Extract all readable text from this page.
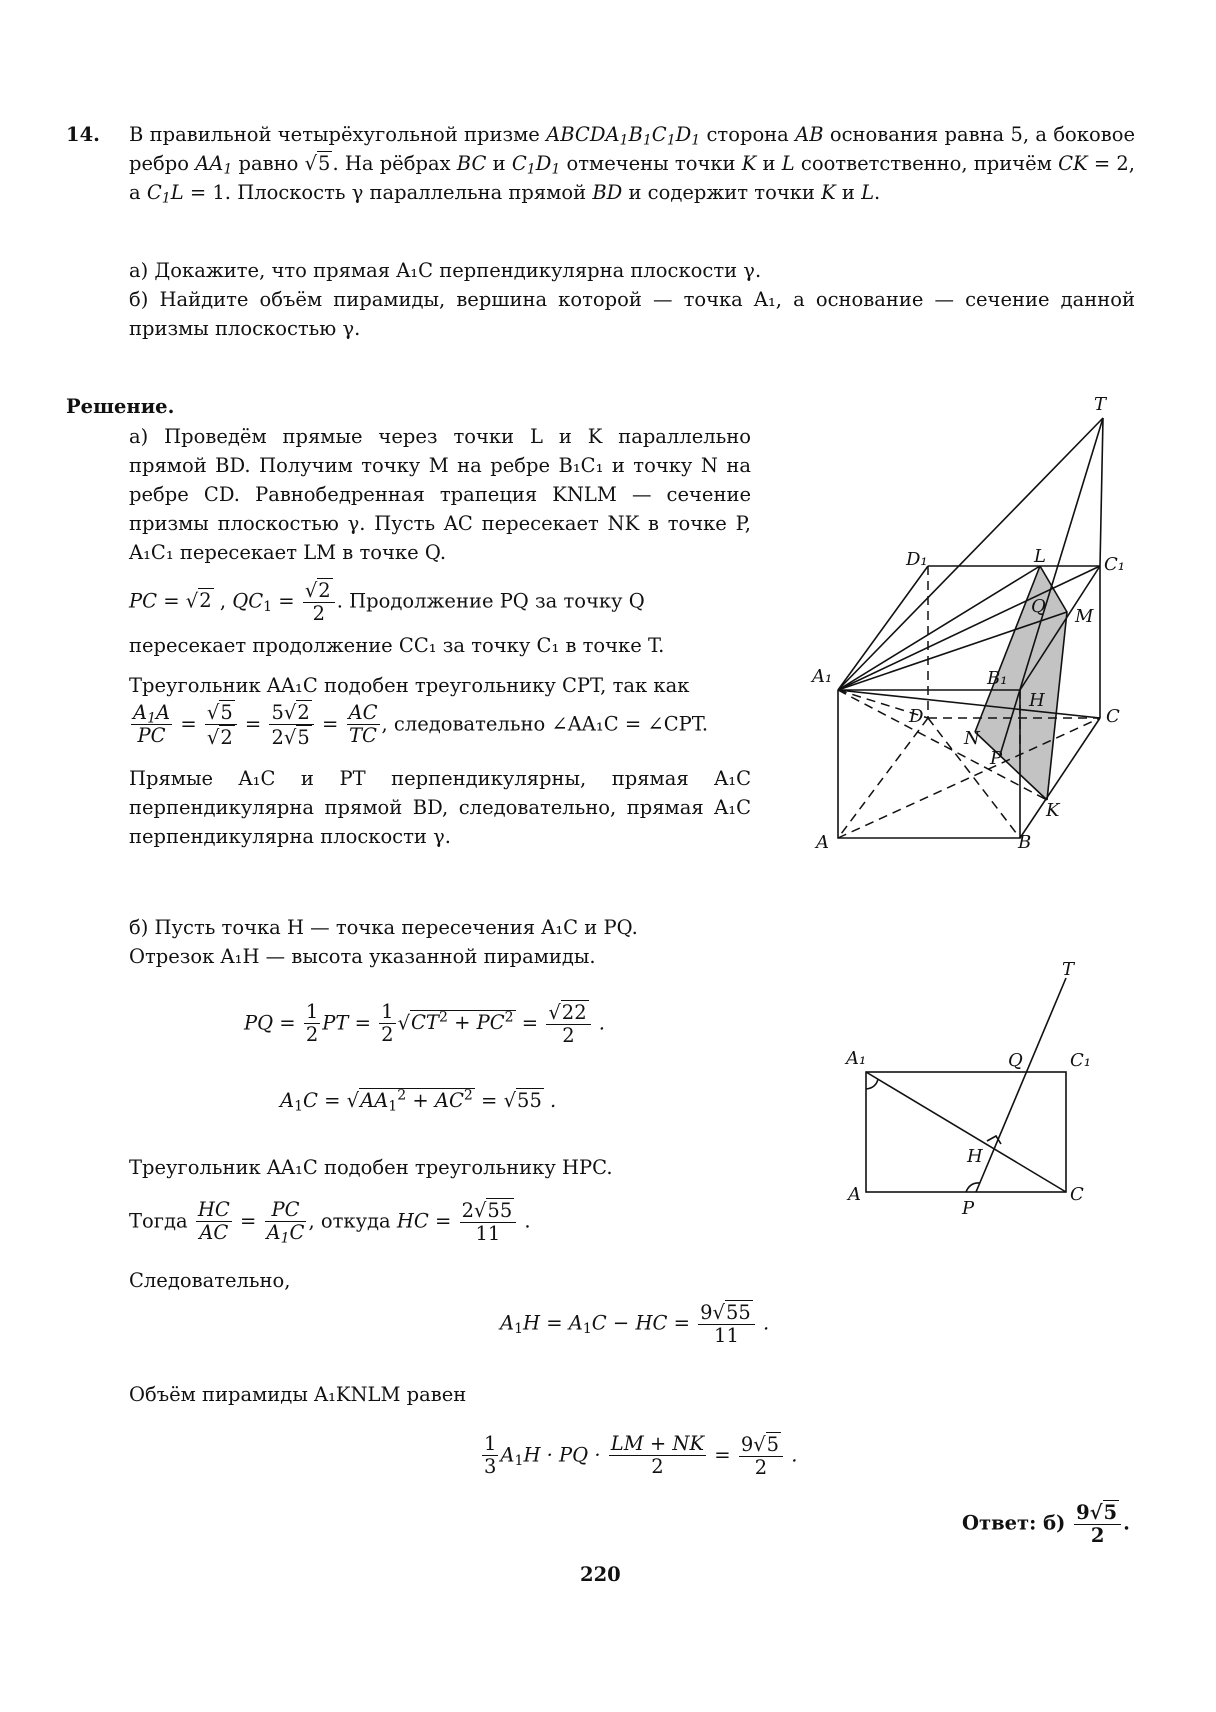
14. В правильной четырёхугольной призме $ABCDA_1B_1C_1D_1$ сторона AB основания равна 5, а боковое ребро $AA_1$ равно √5 . На рёбрах BC и $C_1D_1$ отмечены точки K и L соответственно, причём CK = 2, а $C_1L = 1$. Плоскость γ параллельна прямой BD и содержит точки K и L.
а) Докажите, что прямая A₁C перпендикулярна плоскости γ.
б) Найдите объём пирамиды, вершина которой — точка A₁, а основание — сечение данной призмы плоскостью γ.
Решение.
а) Проведём прямые через точки L и K параллельно прямой BD. Получим точку M на ребре B₁C₁ и точку N на ребре CD. Равнобедренная трапеция KNLM — сечение призмы плоскостью γ. Пусть AC пересекает NK в точке P, A₁C₁ пересекает LM в точке Q.
PC = √2 , $QC_1 = \frac{√2}{2}$ . Продолжение PQ за точку Q пересекает продолжение CC₁ за точку C₁ в точке T. Треугольник AA₁C подобен треугольнику CPT, так как
$\frac{A_1A}{PC} = \frac{√5}{√2} = \frac{5√2}{2√5} = \frac{AC}{TC}$ , следовательно ∠AA₁C = ∠CPT.
Прямые A₁C и PT перпендикулярны, прямая A₁C перпендикулярна прямой BD, следовательно, прямая A₁C перпендикулярна плоскости γ.
T
D₁	L	C₁
M
Q
B₁
A₁
D
H
C
N
P
K
A	B
б) Пусть точка H — точка пересечения A₁C и PQ.
Отрезок A₁H — высота указанной пирамиды.
PQ = $\frac{1}{2}$ PT = $\frac{1}{2} √CT^2 + PC^2 = \frac{√22}{2}$ .
$A_1C = √AA_1^2 + AC^2 = √55$ .
Треугольник AA₁C подобен треугольнику HPC.
Тогда $\frac{HC}{AC} = \frac{PC}{A_1C}$ , откуда HC = $\frac{2√55}{11}$ .
Следовательно,
$A_1H = A_1C$ − HC = $\frac{9√55}{11}$ .
Объём пирамиды A₁KNLM равен
$\frac{1}{3} A_1H$ · PQ · $\frac{LM + NK}{2} = \frac{9√5}{2}$ .
Ответ: $б) \frac{9√5}{2}$ .
T
A₁	Q	C₁
H
A
P
C
220
